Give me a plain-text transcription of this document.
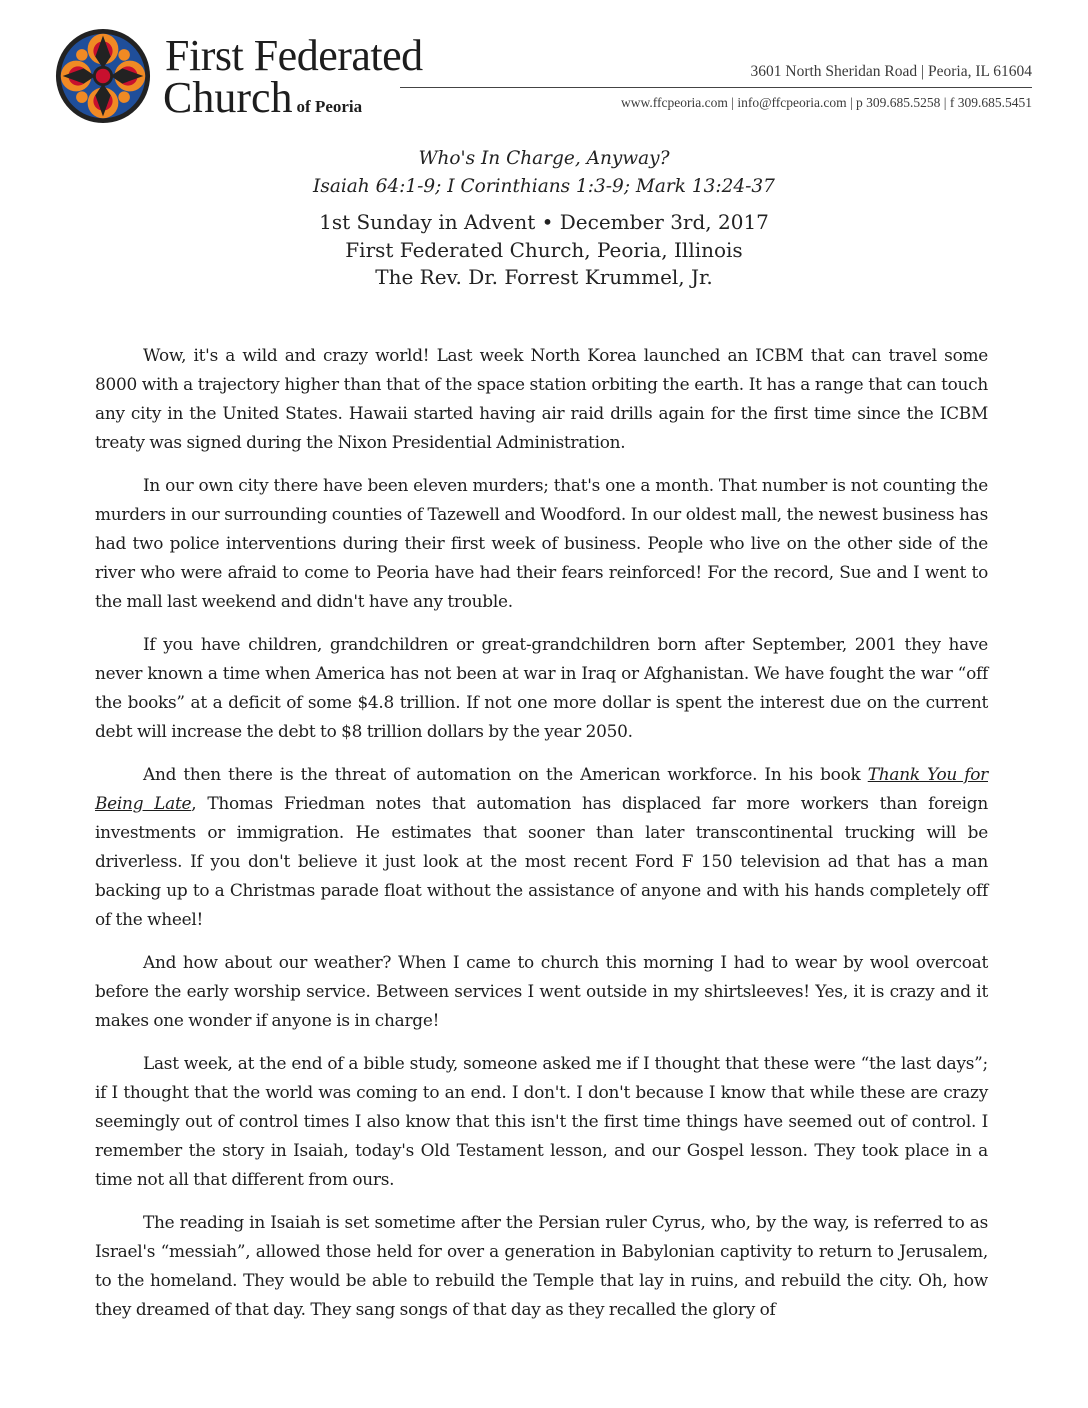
First Federated
Church of Peoria
3601 North Sheridan Road | Peoria, IL 61604
www.ffcpeoria.com | info@ffcpeoria.com | p 309.685.5258 | f 309.685.5451
Who's In Charge, Anyway?
Isaiah 64:1-9; I Corinthians 1:3-9; Mark 13:24-37
1st Sunday in Advent • December 3rd, 2017
First Federated Church, Peoria, Illinois
The Rev. Dr. Forrest Krummel, Jr.

Wow, it's a wild and crazy world! Last week North Korea launched an ICBM that can travel some 8000 with a trajectory higher than that of the space station orbiting the earth. It has a range that can touch any city in the United States. Hawaii started having air raid drills again for the first time since the ICBM treaty was signed during the Nixon Presidential Administration.

In our own city there have been eleven murders; that's one a month. That number is not counting the murders in our surrounding counties of Tazewell and Woodford. In our oldest mall, the newest business has had two police interventions during their first week of business. People who live on the other side of the river who were afraid to come to Peoria have had their fears reinforced! For the record, Sue and I went to the mall last weekend and didn't have any trouble.

If you have children, grandchildren or great-grandchildren born after September, 2001 they have never known a time when America has not been at war in Iraq or Afghanistan. We have fought the war “off the books” at a deficit of some $4.8 trillion. If not one more dollar is spent the interest due on the current debt will increase the debt to $8 trillion dollars by the year 2050.

And then there is the threat of automation on the American workforce. In his book Thank You for Being Late, Thomas Friedman notes that automation has displaced far more workers than foreign investments or immigration. He estimates that sooner than later transcontinental trucking will be driverless. If you don't believe it just look at the most recent Ford F 150 television ad that has a man backing up to a Christmas parade float without the assistance of anyone and with his hands completely off of the wheel!

And how about our weather? When I came to church this morning I had to wear by wool overcoat before the early worship service. Between services I went outside in my shirtsleeves! Yes, it is crazy and it makes one wonder if anyone is in charge!

Last week, at the end of a bible study, someone asked me if I thought that these were “the last days”; if I thought that the world was coming to an end. I don't. I don't because I know that while these are crazy seemingly out of control times I also know that this isn't the first time things have seemed out of control. I remember the story in Isaiah, today's Old Testament lesson, and our Gospel lesson. They took place in a time not all that different from ours.

The reading in Isaiah is set sometime after the Persian ruler Cyrus, who, by the way, is referred to as Israel's “messiah”, allowed those held for over a generation in Babylonian captivity to return to Jerusalem, to the homeland. They would be able to rebuild the Temple that lay in ruins, and rebuild the city. Oh, how they dreamed of that day. They sang songs of that day as they recalled the glory of
